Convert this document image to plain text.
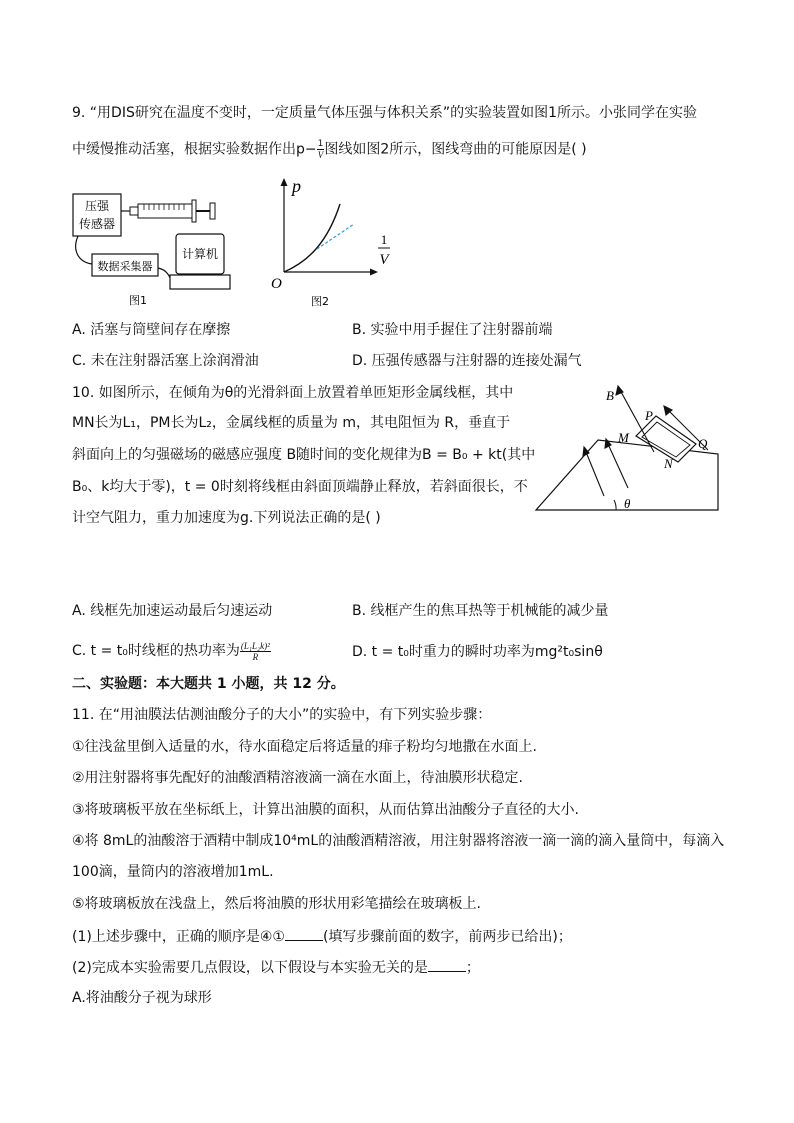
9. “用DIS研究在温度不变时，一定质量气体压强与体积关系”的实验装置如图1所示。小张同学在实验
中缓慢推动活塞，根据实验数据作出$p- \frac{1}{V}$ 图线如图2所示，图线弯曲的可能原因是( )
压强
传感器
数据采集器
计算机
图1
p
1
V
O
图2
A. 活塞与筒壁间存在摩擦	B. 实验中用手握住了注射器前端
C. 未在注射器活塞上涂润滑油	D. 压强传感器与注射器的连接处漏气
10. 如图所示，在倾角为θ的光滑斜面上放置着单匝矩形金属线框，其中
MN长为L₁，PM长为L₂，金属线框的质量为 m，其电阻恒为 R，垂直于
斜面向上的匀强磁场的磁感应强度 B随时间的变化规律为B = B₀ + kt(其中
B₀、k均大于零)，t = 0时刻将线框由斜面顶端静止释放，若斜面很长，不
计空气阻力，重力加速度为g.下列说法正确的是( )
θ
P
M	Q
N
B
A. 线框先加速运动最后匀速运动	B. 线框产生的焦耳热等于机械能的减少量
C. t = t₀时线框的热功率为 $\frac{\text{(L₁L₂k)²}}{R}$	D. t = t₀时重力的瞬时功率为mg²t₀sinθ
二、实验题：本大题共 1 小题，共 12 分。
11. 在“用油膜法估测油酸分子的大小”的实验中，有下列实验步骤：
①往浅盆里倒入适量的水，待水面稳定后将适量的痱子粉均匀地撒在水面上.
②用注射器将事先配好的油酸酒精溶液滴一滴在水面上，待油膜形状稳定.
③将玻璃板平放在坐标纸上，计算出油膜的面积，从而估算出油酸分子直径的大小.
④将 8mL的油酸溶于酒精中制成10⁴mL的油酸酒精溶液，用注射器将溶液一滴一滴的滴入量筒中，每滴入
100滴，量筒内的溶液增加1mL.
⑤将玻璃板放在浅盘上，然后将油膜的形状用彩笔描绘在玻璃板上.
(1)上述步骤中，正确的顺序是④①	(填写步骤前面的数字，前两步已给出)；
(2)完成本实验需要几点假设，以下假设与本实验无关的是	；
A.将油酸分子视为球形
